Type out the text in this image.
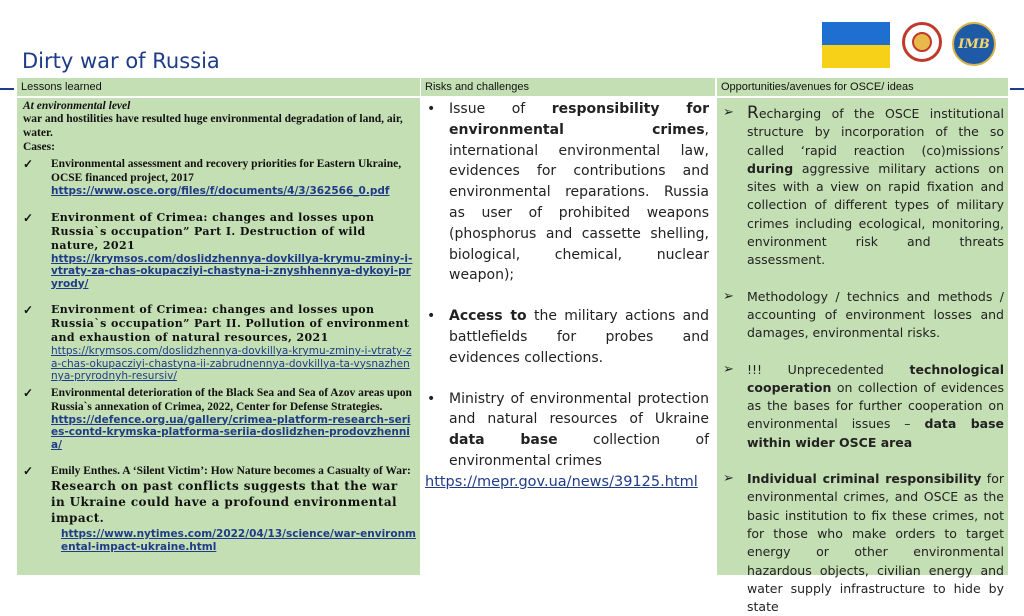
Dirty war of Russia
IMB
Lessons learned	Risks and challenges	Opportunities/avenues for OSCE/ ideas
At environmental level
war and hostilities have resulted huge environmental degradation of land, air, water.
Cases:
✓ Environmental assessment and recovery priorities for Eastern Ukraine, OCSE financed project, 2017
https://www.osce.org/files/f/documents/4/3/362566_0.pdf
✓ Environment of Crimea: changes and losses upon Russia`s occupation” Part I. Destruction of wild nature, 2021
https://krymsos.com/doslidzhennya-dovkillya-krymu-zminy-i-vtraty-za-chas-okupacziyi-chastyna-i-znyshhennya-dykoyi-pryrody/
✓ Environment of Crimea: changes and losses upon Russia`s occupation” Part II. Pollution of environment and exhaustion of natural resources, 2021
https://krymsos.com/doslidzhennya-dovkillya-krymu-zminy-i-vtraty-za-chas-okupacziyi-chastyna-ii-zabrudnennya-dovkillya-ta-vysnazhennya-pryrodnyh-resursiv/
✓ Environmental deterioration of the Black Sea and Sea of Azov areas upon Russia`s annexation of Crimea, 2022, Center for Defense Strategies.
https://defence.org.ua/gallery/crimea-platform-research-series-contd-krymska-platforma-seriia-doslidzhen-prodovzhennia/
✓ Emily Enthes. A ‘Silent Victim’: How Nature becomes a Casualty of War: Research on past conflicts suggests that the war in Ukraine could have a profound environmental impact.
https://www.nytimes.com/2022/04/13/science/war-environmental-impact-ukraine.html
• Issue of responsibility for environmental crimes, international environmental law, evidences for contributions and environmental reparations. Russia as user of prohibited weapons (phosphorus and cassette shelling, biological, chemical, nuclear weapon);
• Access to the military actions and battlefields for probes and evidences collections.
• Ministry of environmental protection and natural resources of Ukraine data base collection of environmental crimes
https://mepr.gov.ua/news/39125.html
➢ Recharging of the OSCE institutional structure by incorporation of the so called ‘rapid reaction (co)missions’ during aggressive military actions on sites with a view on rapid fixation and collection of different types of military crimes including ecological, monitoring, environment risk and threats assessment.
➢ Methodology / technics and methods / accounting of environment losses and damages, environmental risks.
➢ !!! Unprecedented technological cooperation on collection of evidences as the bases for further cooperation on environmental issues – data base within wider OSCE area
➢ Individual criminal responsibility for environmental crimes, and OSCE as the basic institution to fix these crimes, not for those who make orders to target energy or other environmental hazardous objects, civilian energy and water supply infrastructure to hide by state
